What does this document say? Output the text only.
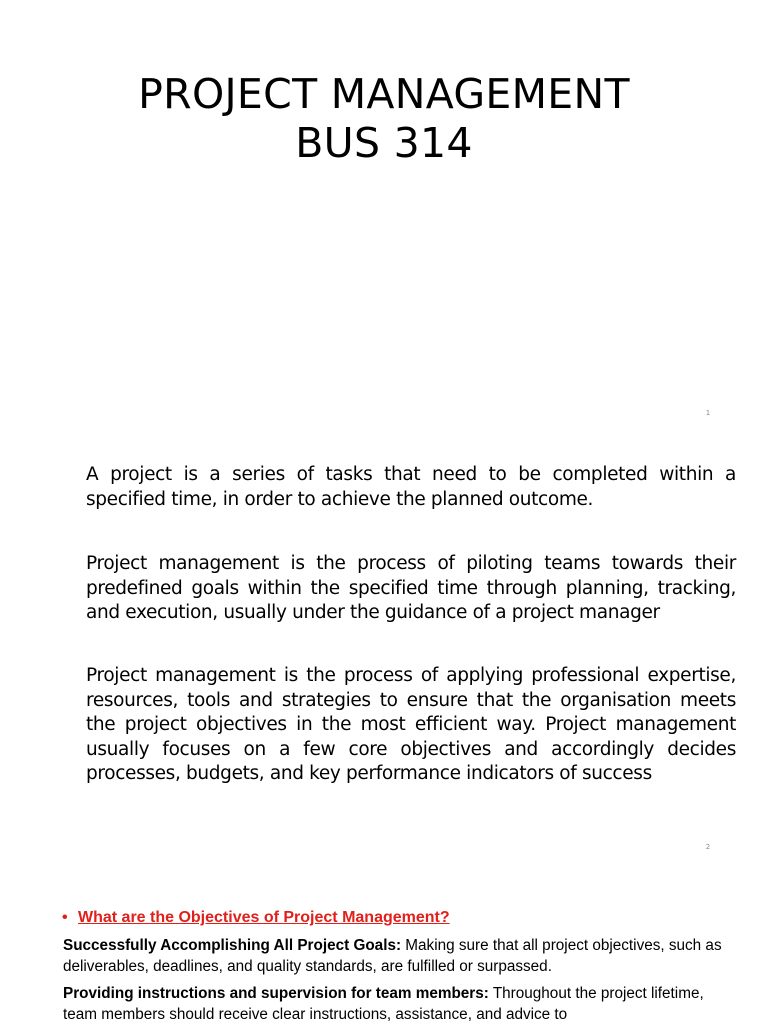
PROJECT MANAGEMENT
BUS 314
1
A project is a series of tasks that need to be completed within a specified time, in order to achieve the planned outcome.
Project management is the process of piloting teams towards their predefined goals within the specified time through planning, tracking, and execution, usually under the guidance of a project manager
Project management is the process of applying professional expertise, resources, tools and strategies to ensure that the organisation meets the project objectives in the most efficient way. Project management usually focuses on a few core objectives and accordingly decides processes, budgets, and key performance indicators of success
2
• What are the Objectives of Project Management?
Successfully Accomplishing All Project Goals: Making sure that all project objectives, such as deliverables, deadlines, and quality standards, are fulfilled or surpassed.
Providing instructions and supervision for team members: Throughout the project lifetime, team members should receive clear instructions, assistance, and advice to
